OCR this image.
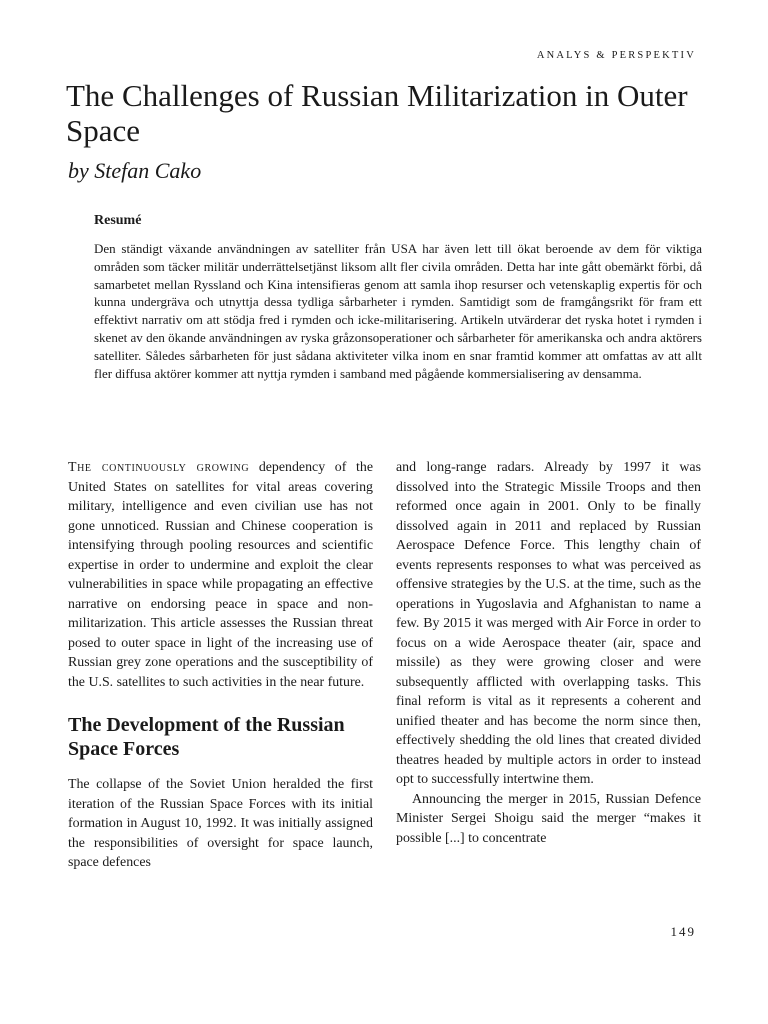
ANALYS & PERSPEKTIV
The Challenges of Russian Militarization in Outer Space
by Stefan Cako
Resumé

Den ständigt växande användningen av satelliter från USA har även lett till ökat beroende av dem för viktiga områden som täcker militär underrättelsetjänst liksom allt fler civila områden. Detta har inte gått obemärkt förbi, då samarbetet mellan Ryssland och Kina intensifieras genom att samla ihop resurser och vetenskaplig expertis för och kunna undergräva och utnyttja dessa tydliga sårbarheter i rymden. Samtidigt som de framgångsrikt för fram ett effektivt narrativ om att stödja fred i rymden och icke-militarisering. Artikeln utvärderar det ryska hotet i rymden i skenet av den ökande användningen av ryska gråzonsoperationer och sårbarheter för amerikanska och andra aktörers satelliter. Således sårbarheten för just sådana aktiviteter vilka inom en snar framtid kommer att omfattas av att allt fler diffusa aktörer kommer att nyttja rymden i samband med pågående kommersialisering av densamma.

The continuously growing dependency of the United States on satellites for vital areas covering military, intelligence and even civilian use has not gone unnoticed. Russian and Chinese cooperation is intensifying through pooling resources and scientific expertise in order to undermine and exploit the clear vulnerabilities in space while propagating an effective narrative on endorsing peace in space and non-militarization. This article assesses the Russian threat posed to outer space in light of the increasing use of Russian grey zone operations and the susceptibility of the U.S. satellites to such activities in the near future.

The Development of the Russian Space Forces

The collapse of the Soviet Union heralded the first iteration of the Russian Space Forces with its initial formation in August 10, 1992. It was initially assigned the responsibilities of oversight for space launch, space defences

and long-range radars. Already by 1997 it was dissolved into the Strategic Missile Troops and then reformed once again in 2001. Only to be finally dissolved again in 2011 and replaced by Russian Aerospace Defence Force. This lengthy chain of events represents responses to what was perceived as offensive strategies by the U.S. at the time, such as the operations in Yugoslavia and Afghanistan to name a few. By 2015 it was merged with Air Force in order to focus on a wide Aerospace theater (air, space and missile) as they were growing closer and were subsequently afflicted with overlapping tasks. This final reform is vital as it represents a coherent and unified theater and has become the norm since then, effectively shedding the old lines that created divided theatres headed by multiple actors in order to instead opt to successfully intertwine them.

Announcing the merger in 2015, Russian Defence Minister Sergei Shoigu said the merger “makes it possible [...] to concentrate

149
